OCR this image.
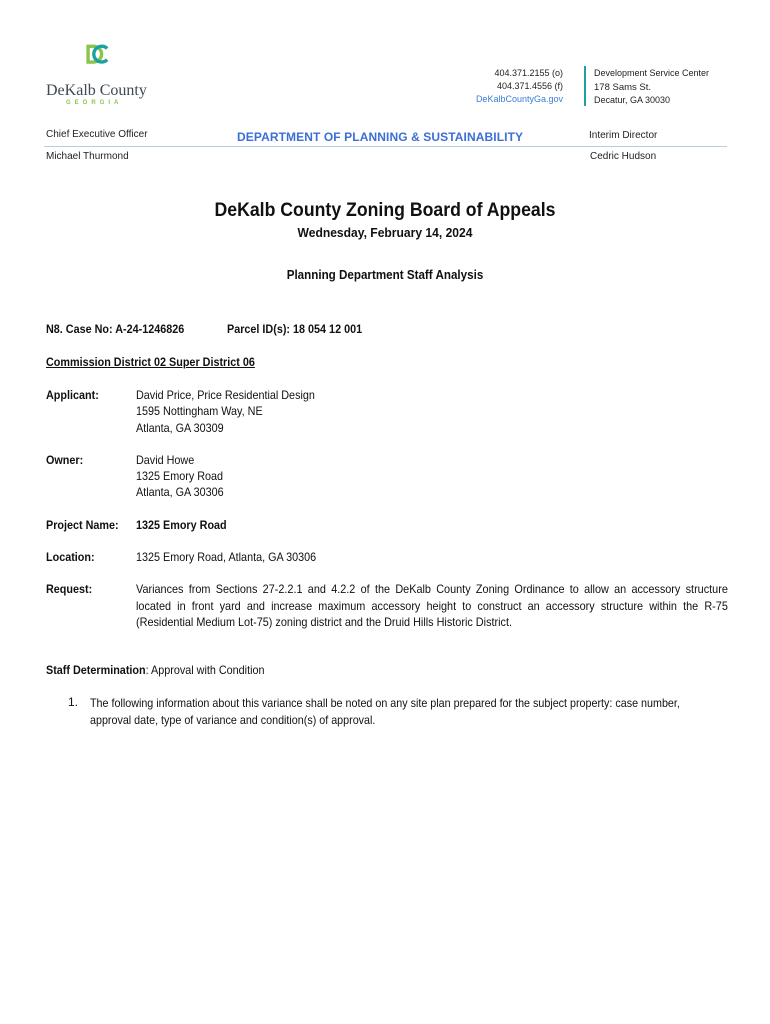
DeKalb County
GEORGIA
404.371.2155 (o)
404.371.4556 (f)
DeKalbCountyGa.gov
Development Service Center
178 Sams St.
Decatur, GA 30030
Chief Executive Officer	DEPARTMENT OF PLANNING & SUSTAINABILITY	Interim Director
Michael Thurmond	Cedric Hudson
DeKalb County Zoning Board of Appeals
Wednesday, February 14, 2024
Planning Department Staff Analysis
N8. Case No: A-24-1246826	Parcel ID(s): 18 054 12 001
Commission District 02 Super District 06
Applicant:	David Price, Price Residential Design
1595 Nottingham Way, NE
Atlanta, GA 30309
Owner:	David Howe
1325 Emory Road
Atlanta, GA 30306
Project Name: 1325 Emory Road
Location:	1325 Emory Road, Atlanta, GA 30306
Request:	Variances from Sections 27-2.2.1 and 4.2.2 of the DeKalb County Zoning Ordinance to allow an accessory structure located in front yard and increase maximum accessory height to construct an accessory structure within the R-75 (Residential Medium Lot-75) zoning district and the Druid Hills Historic District.
Staff Determination: Approval with Condition
1. The following information about this variance shall be noted on any site plan prepared for the subject property: case number, approval date, type of variance and condition(s) of approval.
